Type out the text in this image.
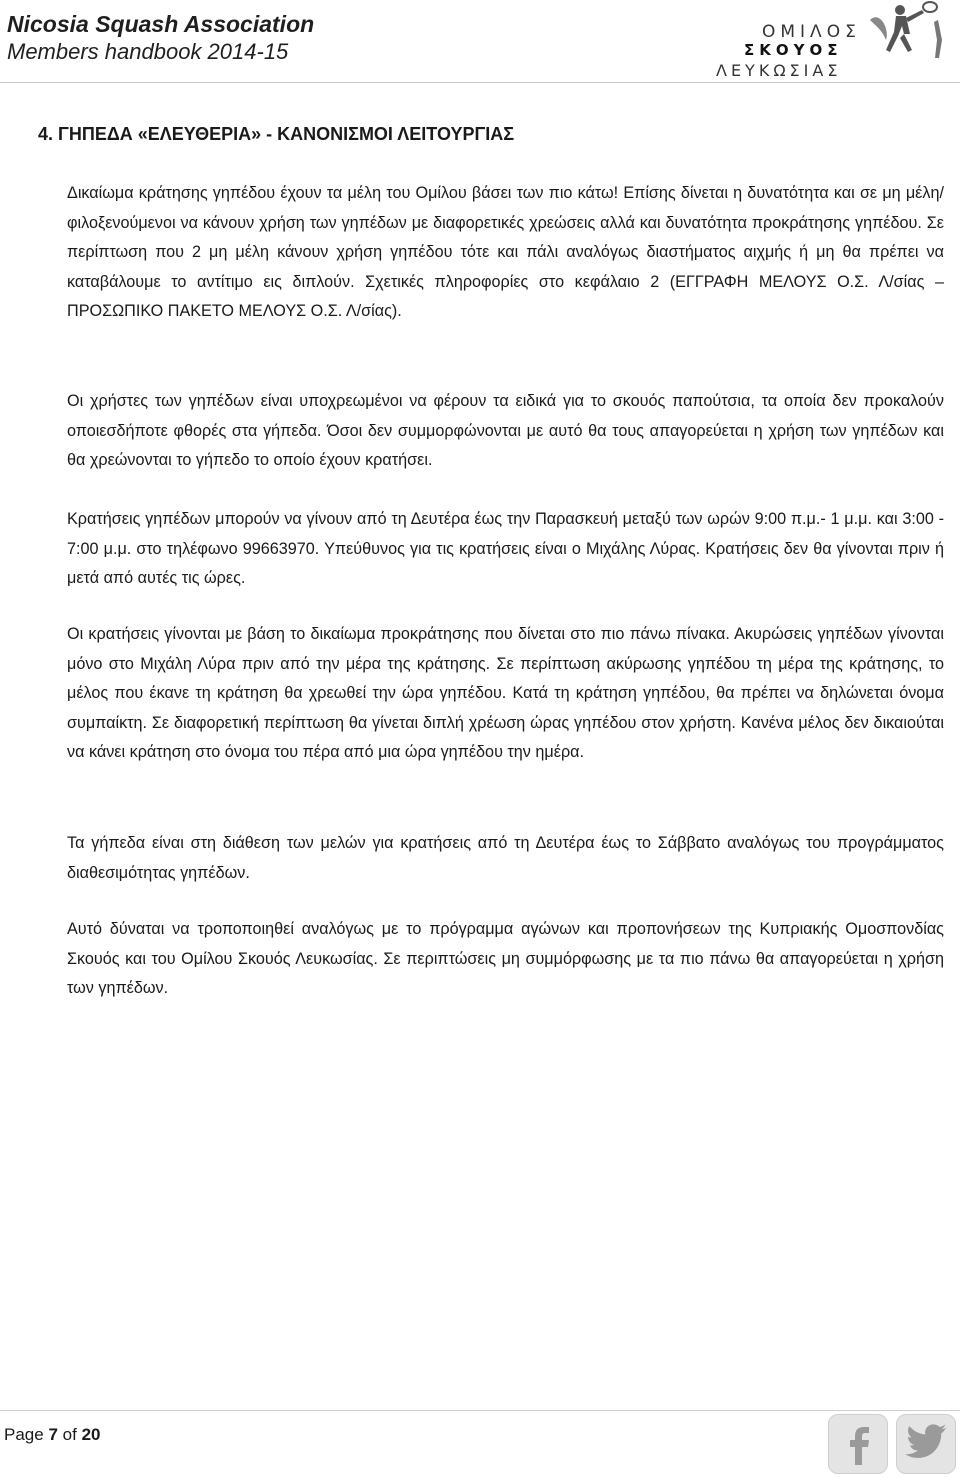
Nicosia Squash Association
Members handbook 2014-15
ΟΜΙΛΟΣ
ΣΚΟΥΟΣ
ΛΕΥΚΩΣΙΑΣ
4. ΓΗΠΕΔΑ «ΕΛΕΥΘΕΡΙΑ» - ΚΑΝΟΝΙΣΜΟΙ ΛΕΙΤΟΥΡΓΙΑΣ

Δικαίωμα κράτησης γηπέδου έχουν τα μέλη του Ομίλου βάσει των πιο κάτω! Επίσης δίνεται η δυνατότητα και σε μη μέλη/φιλοξενούμενοι να κάνουν χρήση των γηπέδων με διαφορετικές χρεώσεις αλλά και δυνατότητα προκράτησης γηπέδου. Σε περίπτωση που 2 μη μέλη κάνουν χρήση γηπέδου τότε και πάλι αναλόγως διαστήματος αιχμής ή μη θα πρέπει να καταβάλουμε το αντίτιμο εις διπλούν. Σχετικές πληροφορίες στο κεφάλαιο 2 (ΕΓΓΡΑΦΗ ΜΕΛΟΥΣ Ο.Σ. Λ/σίας – ΠΡΟΣΩΠΙΚΟ ΠΑΚΕΤΟ ΜΕΛΟΥΣ Ο.Σ. Λ/σίας).

Οι χρήστες των γηπέδων είναι υποχρεωμένοι να φέρουν τα ειδικά για το σκουός παπούτσια, τα οποία δεν προκαλούν οποιεσδήποτε φθορές στα γήπεδα. Όσοι δεν συμμορφώνονται με αυτό θα τους απαγορεύεται η χρήση των γηπέδων και θα χρεώνονται το γήπεδο το οποίο έχουν κρατήσει.

Κρατήσεις γηπέδων μπορούν να γίνουν από τη Δευτέρα έως την Παρασκευή μεταξύ των ωρών 9:00 π.μ.- 1 μ.μ. και 3:00 - 7:00 μ.μ. στο τηλέφωνο 99663970. Υπεύθυνος για τις κρατήσεις είναι ο Μιχάλης Λύρας. Κρατήσεις δεν θα γίνονται πριν ή μετά από αυτές τις ώρες.

Οι κρατήσεις γίνονται με βάση το δικαίωμα προκράτησης που δίνεται στο πιο πάνω πίνακα. Ακυρώσεις γηπέδων γίνονται μόνο στο Μιχάλη Λύρα πριν από την μέρα της κράτησης. Σε περίπτωση ακύρωσης γηπέδου τη μέρα της κράτησης, το μέλος που έκανε τη κράτηση θα χρεωθεί την ώρα γηπέδου. Κατά τη κράτηση γηπέδου, θα πρέπει να δηλώνεται όνομα συμπαίκτη. Σε διαφορετική περίπτωση θα γίνεται διπλή χρέωση ώρας γηπέδου στον χρήστη. Κανένα μέλος δεν δικαιούται να κάνει κράτηση στο όνομα του πέρα από μια ώρα γηπέδου την ημέρα.

Τα γήπεδα είναι στη διάθεση των μελών για κρατήσεις από τη Δευτέρα έως το Σάββατο αναλόγως του προγράμματος διαθεσιμότητας γηπέδων.

Αυτό δύναται να τροποποιηθεί αναλόγως με το πρόγραμμα αγώνων και προπονήσεων της Κυπριακής Ομοσπονδίας Σκουός και του Ομίλου Σκουός Λευκωσίας. Σε περιπτώσεις μη συμμόρφωσης με τα πιο πάνω θα απαγορεύεται η χρήση των γηπέδων.

Page 7 of 20
